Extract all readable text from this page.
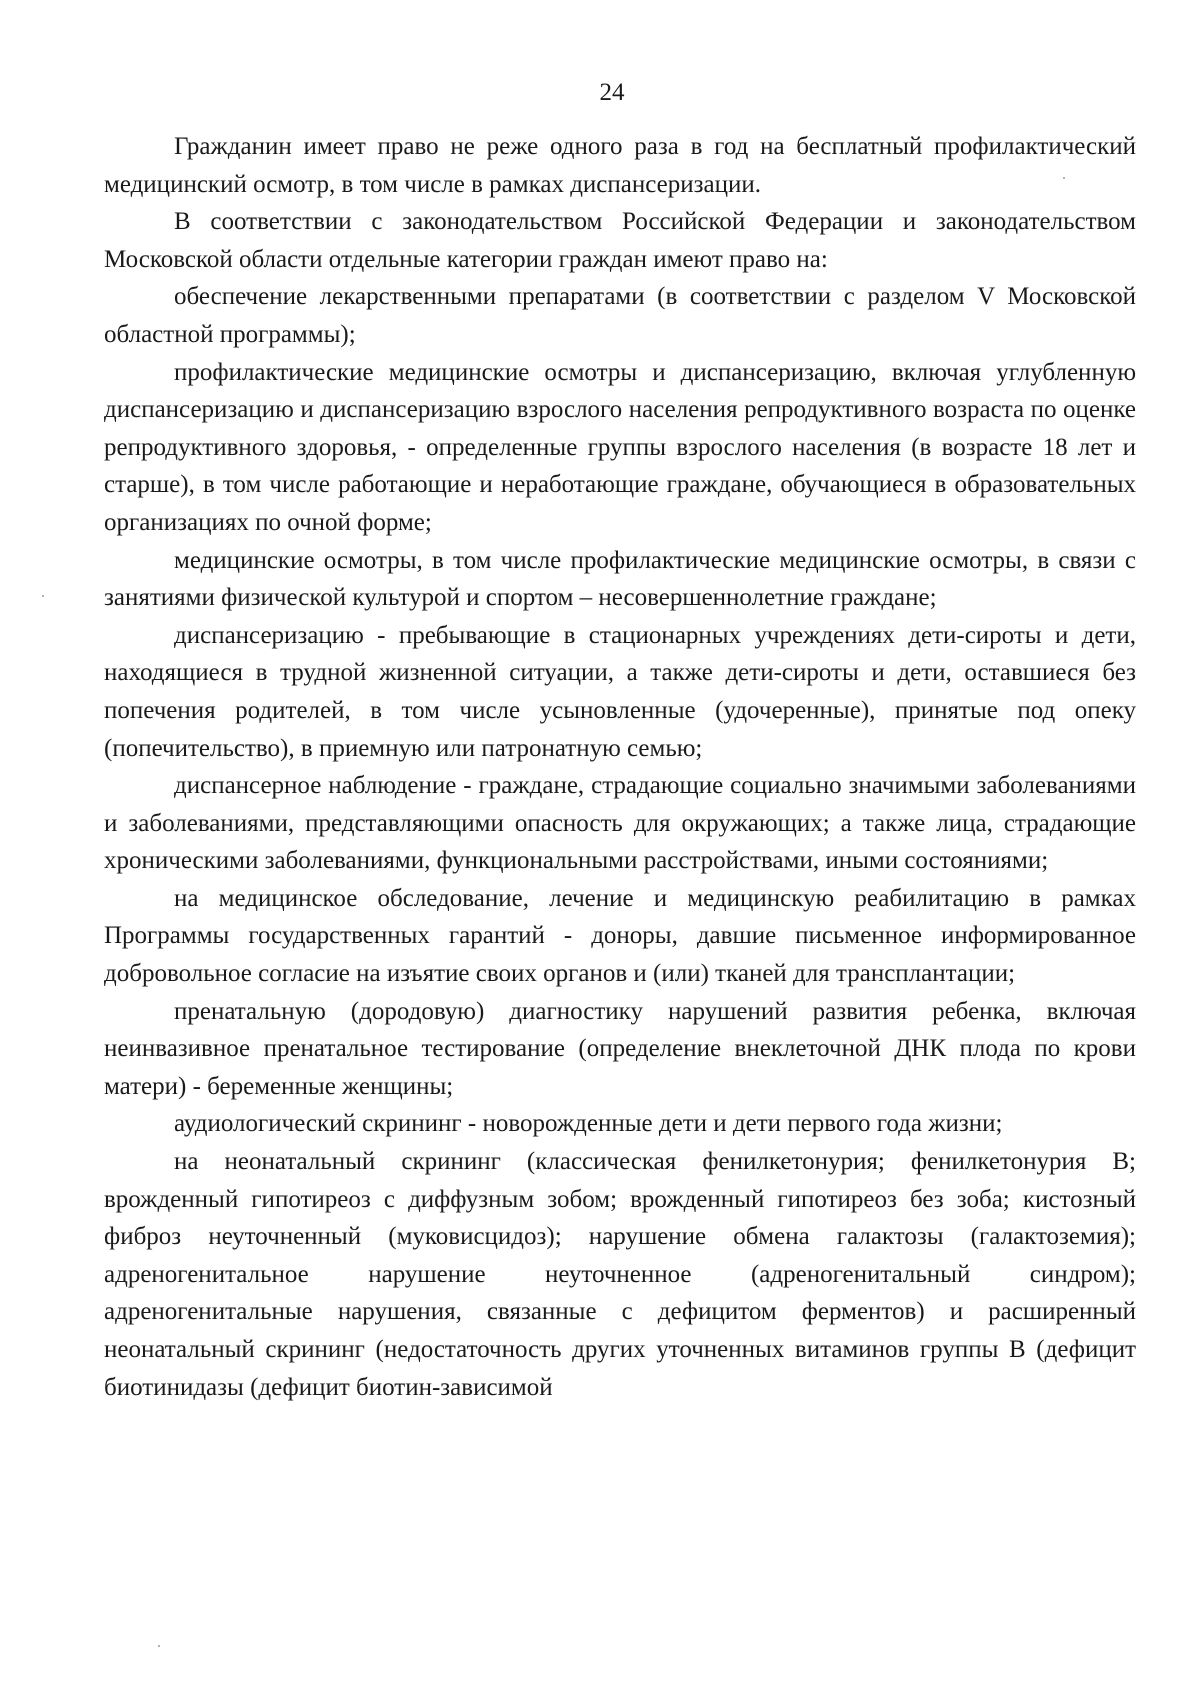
24

Гражданин имеет право не реже одного раза в год на бесплатный профилактический медицинский осмотр, в том числе в рамках диспансеризации.

В соответствии с законодательством Российской Федерации и законодательством Московской области отдельные категории граждан имеют право на:

обеспечение лекарственными препаратами (в соответствии с разделом V Московской областной программы);

профилактические медицинские осмотры и диспансеризацию, включая углубленную диспансеризацию и диспансеризацию взрослого населения репродуктивного возраста по оценке репродуктивного здоровья, - определенные группы взрослого населения (в возрасте 18 лет и старше), в том числе работающие и неработающие граждане, обучающиеся в образовательных организациях по очной форме;

медицинские осмотры, в том числе профилактические медицинские осмотры, в связи с занятиями физической культурой и спортом – несовершеннолетние граждане;

диспансеризацию - пребывающие в стационарных учреждениях дети-сироты и дети, находящиеся в трудной жизненной ситуации, а также дети-сироты и дети, оставшиеся без попечения родителей, в том числе усыновленные (удочеренные), принятые под опеку (попечительство), в приемную или патронатную семью;

диспансерное наблюдение - граждане, страдающие социально значимыми заболеваниями и заболеваниями, представляющими опасность для окружающих; а также лица, страдающие хроническими заболеваниями, функциональными расстройствами, иными состояниями;

на медицинское обследование, лечение и медицинскую реабилитацию в рамках Программы государственных гарантий - доноры, давшие письменное информированное добровольное согласие на изъятие своих органов и (или) тканей для трансплантации;

пренатальную (дородовую) диагностику нарушений развития ребенка, включая неинвазивное пренатальное тестирование (определение внеклеточной ДНК плода по крови матери) - беременные женщины;

аудиологический скрининг - новорожденные дети и дети первого года жизни;

на неонатальный скрининг (классическая фенилкетонурия; фенилкетонурия В; врожденный гипотиреоз с диффузным зобом; врожденный гипотиреоз без зоба; кистозный фиброз неуточненный (муковисцидоз); нарушение обмена галактозы (галактоземия); адреногенитальное нарушение неуточненное (адреногенитальный синдром); адреногенитальные нарушения, связанные с дефицитом ферментов) и расширенный неонатальный скрининг (недостаточность других уточненных витаминов группы В (дефицит биотинидазы (дефицит биотин-зависимой
